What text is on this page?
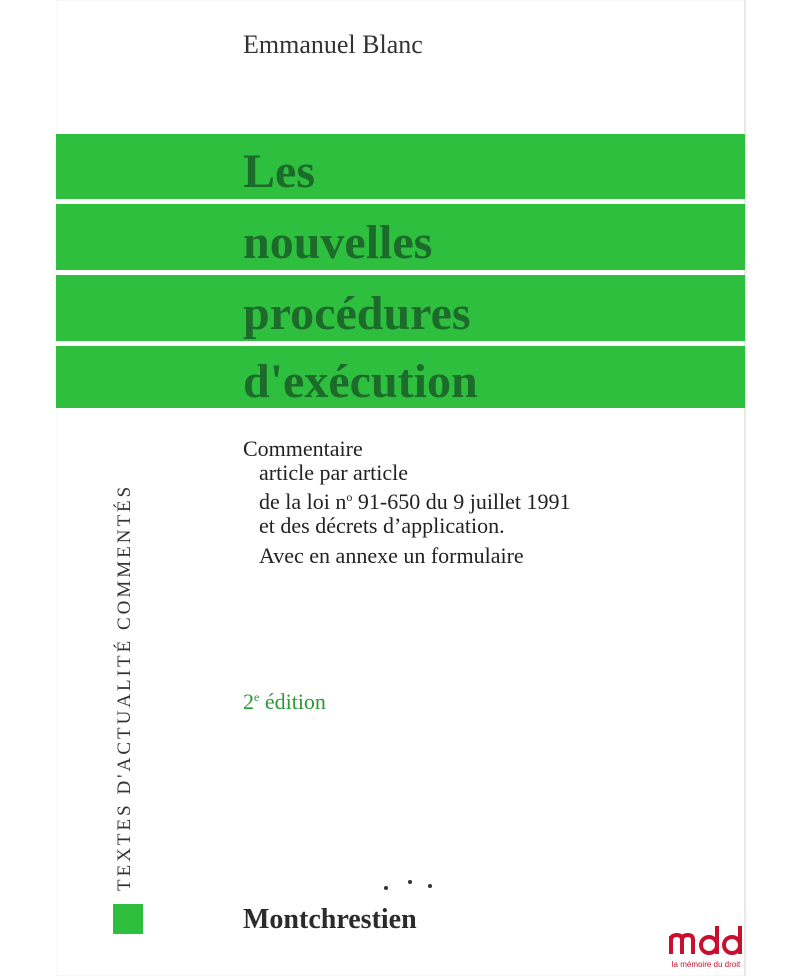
Emmanuel Blanc
Les
nouvelles
procédures
d'exécution
Commentaire
article par article
de la loi $n^o$ 91-650 du 9 juillet 1991
et des décrets d’application.
Avec en annexe un formulaire
2e édition
TEXTES D'ACTUALITÉ COMMENTÉS
Montchrestien
la mémoire du droit
